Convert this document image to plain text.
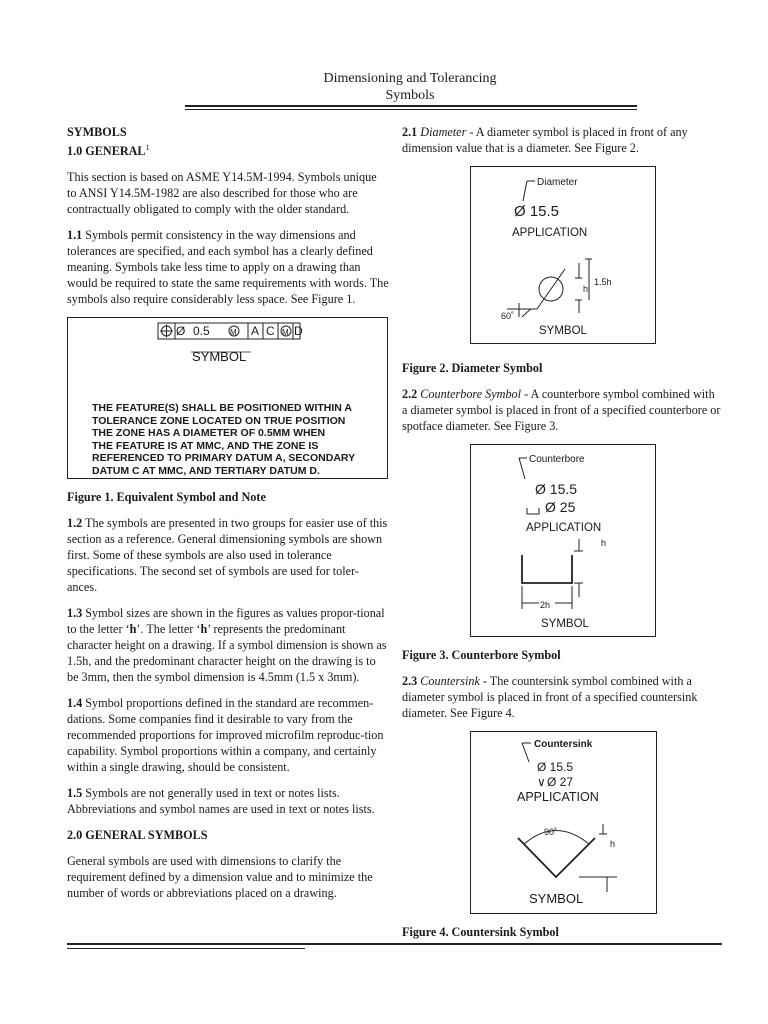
Dimensioning and Tolerancing
Symbols
SYMBOLS
1.0 GENERAL$^1$

This section is based on ASME Y14.5M-1994. Symbols unique to ANSI Y14.5M-1982 are also described for those who are contractually obligated to comply with the older standard.

1.1 Symbols permit consistency in the way dimensions and tolerances are specified, and each symbol has a clearly defined meaning. Symbols take less time to apply on a drawing than would be required to state the same requirements with words. The symbols also require considerably less space. See Figure 1.

Ø 0.5	M A C M D
SYMBOL
THE FEATURE(S) SHALL BE POSITIONED WITHIN A
TOLERANCE ZONE LOCATED ON TRUE POSITION
THE ZONE HAS A DIAMETER OF 0.5MM WHEN
THE FEATURE IS AT MMC, AND THE ZONE IS
REFERENCED TO PRIMARY DATUM A, SECONDARY
DATUM C AT MMC, AND TERTIARY DATUM D.
Figure 1. Equivalent Symbol and Note

1.2 The symbols are presented in two groups for easier use of this section as a reference. General dimensioning symbols are shown first. Some of these symbols are also used in tolerance specifications. The second set of symbols are used for toler-ances.

1.3 Symbol sizes are shown in the figures as values propor-tional to the letter ‘h’. The letter ‘h’ represents the predominant character height on a drawing. If a symbol dimension is shown as 1.5h, and the predominant character height on the drawing is to be 3mm, then the symbol dimension is 4.5mm (1.5 x 3mm).

1.4 Symbol proportions defined in the standard are recommen-dations. Some companies find it desirable to vary from the recommended proportions for improved microfilm reproduc-tion capability. Symbol proportions within a company, and certainly within a single drawing, should be consistent.

1.5 Symbols are not generally used in text or notes lists. Abbreviations and symbol names are used in text or notes lists.

2.0 GENERAL SYMBOLS

General symbols are used with dimensions to clarify the requirement defined by a dimension value and to minimize the number of words or abbreviations placed on a drawing.

2.1 Diameter - A diameter symbol is placed in front of any dimension value that is a diameter. See Figure 2.

Diameter
Ø 15.5
APPLICATION
h
1.5h
60˚
SYMBOL
Figure 2. Diameter Symbol

2.2 Counterbore Symbol - A counterbore symbol combined with a diameter symbol is placed in front of a specified counterbore or spotface diameter. See Figure 3.

Counterbore
Ø 15.5
Ø 25
APPLICATION
h
2h
SYMBOL
Figure 3. Counterbore Symbol

2.3 Countersink - The countersink symbol combined with a diameter symbol is placed in front of a specified countersink diameter. See Figure 4.

Countersink
Ø 15.5
Ø 27
∨
APPLICATION
90˚
h
SYMBOL
Figure 4. Countersink Symbol
